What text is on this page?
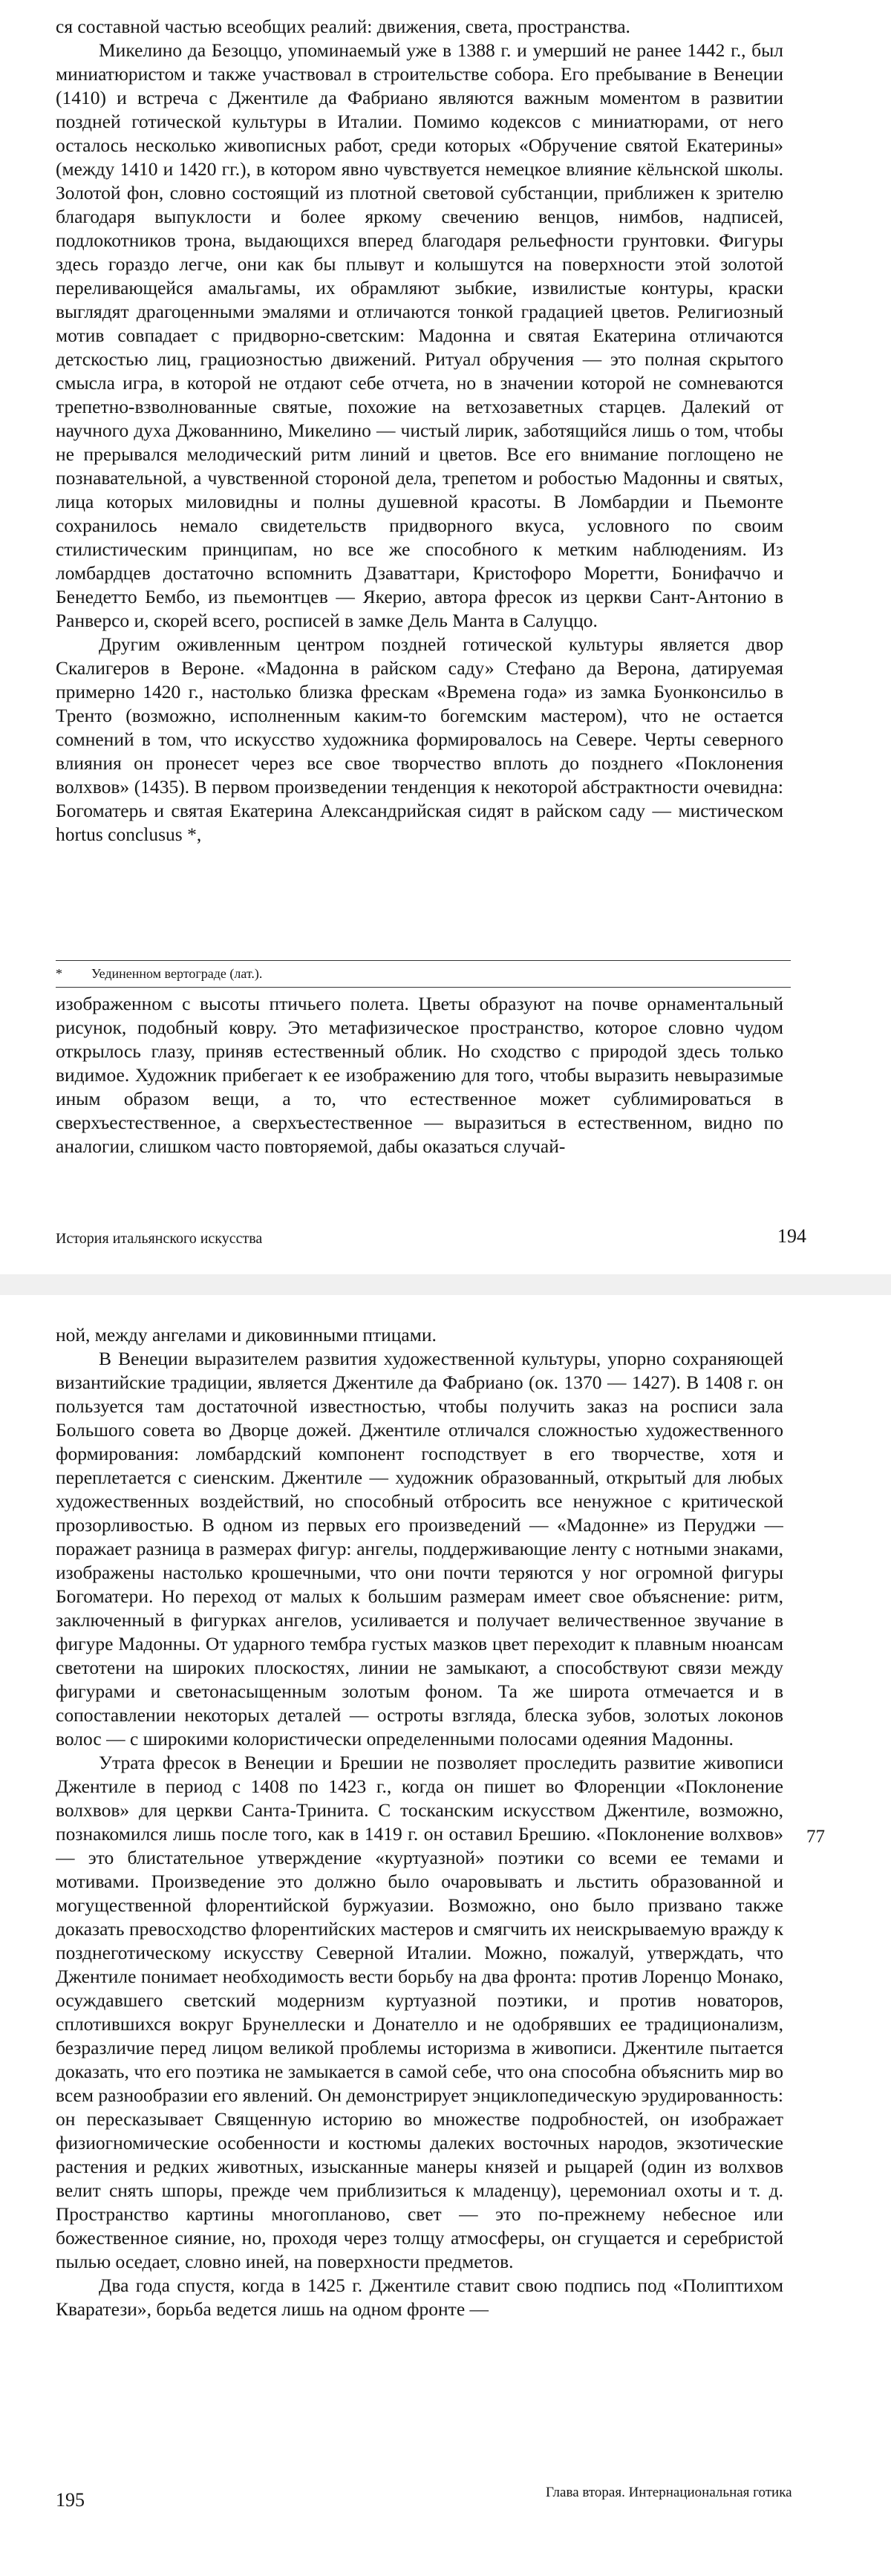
ся составной частью всеобщих реалий: движения, света, пространства.

Микелино да Безоццо, упоминаемый уже в 1388 г. и умерший не ранее 1442 г., был миниатюристом и также участвовал в строительстве собора. Его пребывание в Венеции (1410) и встреча с Джентиле да Фабриано являются важным моментом в развитии поздней готической культуры в Италии. Помимо кодексов с миниатюрами, от него осталось несколько живописных работ, среди которых «Обручение святой Екатерины» (между 1410 и 1420 гг.), в котором явно чувствуется немецкое влияние кёльнской школы. Золотой фон, словно состоящий из плотной световой субстанции, приближен к зрителю благодаря выпуклости и более яркому свечению венцов, нимбов, надписей, подлокотников трона, выдающихся вперед благодаря рельефности грунтовки. Фигуры здесь гораздо легче, они как бы плывут и колышутся на поверхности этой золотой переливающейся амальгамы, их обрамляют зыбкие, извилистые контуры, краски выглядят драгоценными эмалями и отличаются тонкой градацией цветов. Религиозный мотив совпадает с придворно-светским: Мадонна и святая Екатерина отличаются детскостью лиц, грациозностью движений. Ритуал обручения — это полная скрытого смысла игра, в которой не отдают себе отчета, но в значении которой не сомневаются трепетно-взволнованные святые, похожие на ветхозаветных старцев. Далекий от научного духа Джованнино, Микелино — чистый лирик, заботящийся лишь о том, чтобы не прерывался мелодический ритм линий и цветов. Все его внимание поглощено не познавательной, а чувственной стороной дела, трепетом и робостью Мадонны и святых, лица которых миловидны и полны душевной красоты. В Ломбардии и Пьемонте сохранилось немало свидетельств придворного вкуса, условного по своим стилистическим принципам, но все же способного к метким наблюдениям. Из ломбардцев достаточно вспомнить Дзаваттари, Кристофоро Моретти, Бонифаччо и Бенедетто Бембо, из пьемонтцев — Якерио, автора фресок из церкви Сант-Антонио в Ранверсо и, скорей всего, росписей в замке Дель Манта в Салуццо.

Другим оживленным центром поздней готической культуры является двор Скалигеров в Вероне. «Мадонна в райском саду» Стефано да Верона, датируемая примерно 1420 г., настолько близка фрескам «Времена года» из замка Буонконсильо в Тренто (возможно, исполненным каким-то богемским мастером), что не остается сомнений в том, что искусство художника формировалось на Севере. Черты северного влияния он пронесет через все свое творчество вплоть до позднего «Поклонения волхвов» (1435). В первом произведении тенденция к некоторой абстрактности очевидна: Богоматерь и святая Екатерина Александрийская сидят в райском саду — мистическом hortus conclusus *,

* Уединенном вертограде (лат.).

изображенном с высоты птичьего полета. Цветы образуют на почве орнаментальный рисунок, подобный ковру. Это метафизическое пространство, которое словно чудом открылось глазу, приняв естественный облик. Но сходство с природой здесь только видимое. Художник прибегает к ее изображению для того, чтобы выразить невыразимые иным образом вещи, а то, что естественное может сублимироваться в сверхъестественное, а сверхъестественное — выразиться в естественном, видно по аналогии, слишком часто повторяемой, дабы оказаться случай-

История итальянского искусства	194

ной, между ангелами и диковинными птицами.

В Венеции выразителем развития художественной культуры, упорно сохраняющей византийские традиции, является Джентиле да Фабриано (ок. 1370 — 1427). В 1408 г. он пользуется там достаточной известностью, чтобы получить заказ на росписи зала Большого совета во Дворце дожей. Джентиле отличался сложностью художественного формирования: ломбардский компонент господствует в его творчестве, хотя и переплетается с сиенским. Джентиле — художник образованный, открытый для любых художественных воздействий, но способный отбросить все ненужное с критической прозорливостью. В одном из первых его произведений — «Мадонне» из Перуджи — поражает разница в размерах фигур: ангелы, поддерживающие ленту с нотными знаками, изображены настолько крошечными, что они почти теряются у ног огромной фигуры Богоматери. Но переход от малых к большим размерам имеет свое объяснение: ритм, заключенный в фигурках ангелов, усиливается и получает величественное звучание в фигуре Мадонны. От ударного тембра густых мазков цвет переходит к плавным нюансам светотени на широких плоскостях, линии не замыкают, а способствуют связи между фигурами и светонасыщенным золотым фоном. Та же широта отмечается и в сопоставлении некоторых деталей — остроты взгляда, блеска зубов, золотых локонов волос — с широкими колористически определенными полосами одеяния Мадонны.

Утрата фресок в Венеции и Брешии не позволяет проследить развитие живописи Джентиле в период с 1408 по 1423 г., когда он пишет во Флоренции «Поклонение волхвов» для церкви Санта-Тринита. С тосканским искусством Джентиле, возможно, познакомился лишь после того, как в 1419 г. он оставил Брешию. «Поклонение волхвов» — это блистательное утверждение «куртуазной» поэтики со всеми ее темами и мотивами. Произведение это должно было очаровывать и льстить образованной и могущественной флорентийской буржуазии. Возможно, оно было призвано также доказать превосходство флорентийских мастеров и смягчить их неискрываемую вражду к позднеготическому искусству Северной Италии. Можно, пожалуй, утверждать, что Джентиле понимает необходимость вести борьбу на два фронта: против Лоренцо Монако, осуждавшего светский модернизм куртуазной поэтики, и против новаторов, сплотившихся вокруг Брунеллески и Донателло и не одобрявших ее традиционализм, безразличие перед лицом великой проблемы историзма в живописи. Джентиле пытается доказать, что его поэтика не замыкается в самой себе, что она способна объяснить мир во всем разнообразии его явлений. Он демонстрирует энциклопедическую эрудированность: он пересказывает Священную историю во множестве подробностей, он изображает физиогномические особенности и костюмы далеких восточных народов, экзотические растения и редких животных, изысканные манеры князей и рыцарей (один из волхвов велит снять шпоры, прежде чем приблизиться к младенцу), церемониал охоты и т. д. Пространство картины многопланово, свет — это по-прежнему небесное или божественное сияние, но, проходя через толщу атмосферы, он сгущается и серебристой пылью оседает, словно иней, на поверхности предметов.

Два года спустя, когда в 1425 г. Джентиле ставит свою подпись под «Полиптихом Кваратези», борьба ведется лишь на одном фронте —

77
195	Глава вторая. Интернациональная готика
